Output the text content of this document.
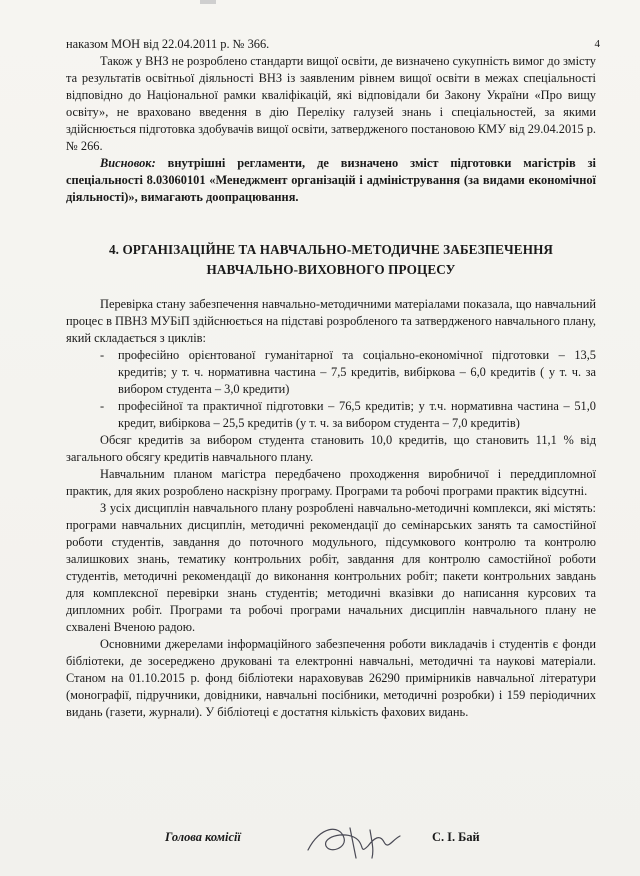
4

наказом МОН від 22.04.2011 р. № 366.

Також у ВНЗ не розроблено стандарти вищої освіти, де визначено сукупність вимог до змісту та результатів освітньої діяльності ВНЗ із заявленим рівнем вищої освіти в межах спеціальності відповідно до Національної рамки кваліфікацій, які відповідали би Закону України «Про вищу освіту», не враховано введення в дію Переліку галузей знань і спеціальностей, за якими здійснюється підготовка здобувачів вищої освіти, затвердженого постановою КМУ від 29.04.2015 р. № 266.

Висновок: внутрішні регламенти, де визначено зміст підготовки магістрів зі спеціальності 8.03060101 «Менеджмент організацій і адміністрування (за видами економічної діяльності)», вимагають доопрацювання.

4. ОРГАНІЗАЦІЙНЕ ТА НАВЧАЛЬНО-МЕТОДИЧНЕ ЗАБЕЗПЕЧЕННЯ
НАВЧАЛЬНО-ВИХОВНОГО ПРОЦЕСУ

Перевірка стану забезпечення навчально-методичними матеріалами показала, що навчальний процес в ПВНЗ МУБіП здійснюється на підставі розробленого та затвердженого навчального плану, який складається з циклів:

- професійно орієнтованої гуманітарної та соціально-економічної підготовки – 13,5 кредитів; у т. ч. нормативна частина – 7,5 кредитів, вибіркова – 6,0 кредитів ( у т. ч. за вибором студента – 3,0 кредити)
- професійної та практичної підготовки – 76,5 кредитів; у т.ч. нормативна частина – 51,0 кредит, вибіркова – 25,5 кредитів (у т. ч. за вибором студента – 7,0 кредитів)

Обсяг кредитів за вибором студента становить 10,0 кредитів, що становить 11,1 % від загального обсягу кредитів навчального плану.

Навчальним планом магістра передбачено проходження виробничої і переддипломної практик, для яких розроблено наскрізну програму. Програми та робочі програми практик відсутні.

З усіх дисциплін навчального плану розроблені навчально-методичні комплекси, які містять: програми навчальних дисциплін, методичні рекомендації до семінарських занять та самостійної роботи студентів, завдання до поточного модульного, підсумкового контролю та контролю залишкових знань, тематику контрольних робіт, завдання для контролю самостійної роботи студентів, методичні рекомендації до виконання контрольних робіт; пакети контрольних завдань для комплексної перевірки знань студентів; методичні вказівки до написання курсових та дипломних робіт. Програми та робочі програми начальних дисциплін навчального плану не схвалені Вченою радою.

Основними джерелами інформаційного забезпечення роботи викладачів і студентів є фонди бібліотеки, де зосереджено друковані та електронні навчальні, методичні та наукові матеріали. Станом на 01.10.2015 р. фонд бібліотеки нараховував 26290 примірників навчальної літератури (монографії, підручники, довідники, навчальні посібники, методичні розробки) і 159 періодичних видань (газети, журнали). У бібліотеці є достатня кількість фахових видань.

Голова комісії	С. І. Бай
